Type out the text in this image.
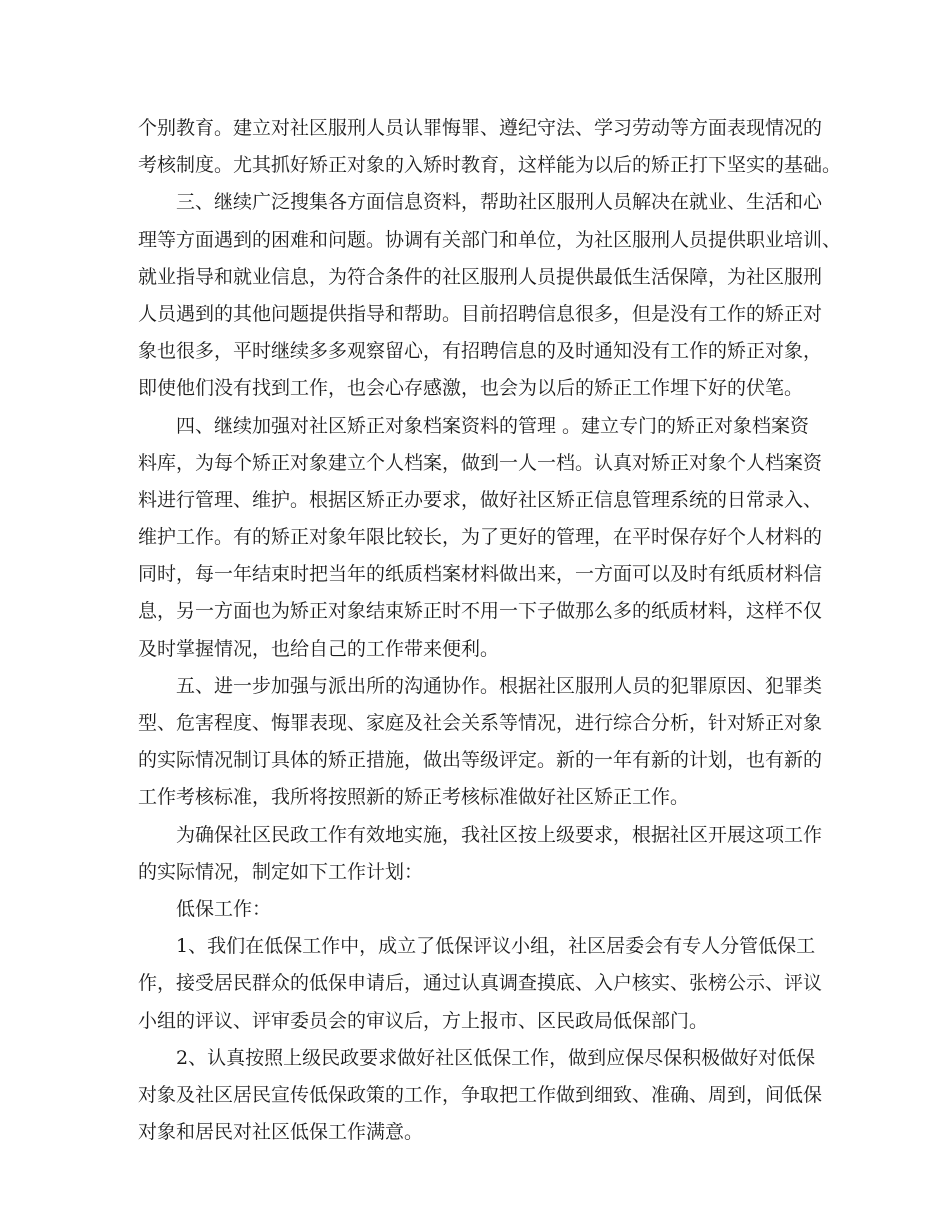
个别教育。建立对社区服刑人员认罪悔罪、遵纪守法、学习劳动等方面表现情况的
考核制度。尤其抓好矫正对象的入矫时教育，这样能为以后的矫正打下坚实的基础。
三、继续广泛搜集各方面信息资料，帮助社区服刑人员解决在就业、生活和心
理等方面遇到的困难和问题。协调有关部门和单位，为社区服刑人员提供职业培训、
就业指导和就业信息，为符合条件的社区服刑人员提供最低生活保障，为社区服刑
人员遇到的其他问题提供指导和帮助。目前招聘信息很多，但是没有工作的矫正对
象也很多，平时继续多多观察留心，有招聘信息的及时通知没有工作的矫正对象，
即使他们没有找到工作，也会心存感激，也会为以后的矫正工作埋下好的伏笔。
四、继续加强对社区矫正对象档案资料的管理 。建立专门的矫正对象档案资
料库，为每个矫正对象建立个人档案，做到一人一档。认真对矫正对象个人档案资
料进行管理、维护。根据区矫正办要求，做好社区矫正信息管理系统的日常录入、
维护工作。有的矫正对象年限比较长，为了更好的管理，在平时保存好个人材料的
同时，每一年结束时把当年的纸质档案材料做出来，一方面可以及时有纸质材料信
息，另一方面也为矫正对象结束矫正时不用一下子做那么多的纸质材料，这样不仅
及时掌握情况，也给自己的工作带来便利。
五、进一步加强与派出所的沟通协作。根据社区服刑人员的犯罪原因、犯罪类
型、危害程度、悔罪表现、家庭及社会关系等情况，进行综合分析，针对矫正对象
的实际情况制订具体的矫正措施，做出等级评定。新的一年有新的计划，也有新的
工作考核标准，我所将按照新的矫正考核标准做好社区矫正工作。
为确保社区民政工作有效地实施，我社区按上级要求，根据社区开展这项工作
的实际情况，制定如下工作计划：
低保工作：
1、我们在低保工作中，成立了低保评议小组，社区居委会有专人分管低保工
作，接受居民群众的低保申请后，通过认真调查摸底、入户核实、张榜公示、评议
小组的评议、评审委员会的审议后，方上报市、区民政局低保部门。
2、认真按照上级民政要求做好社区低保工作，做到应保尽保积极做好对低保
对象及社区居民宣传低保政策的工作，争取把工作做到细致、准确、周到，间低保
对象和居民对社区低保工作满意。
